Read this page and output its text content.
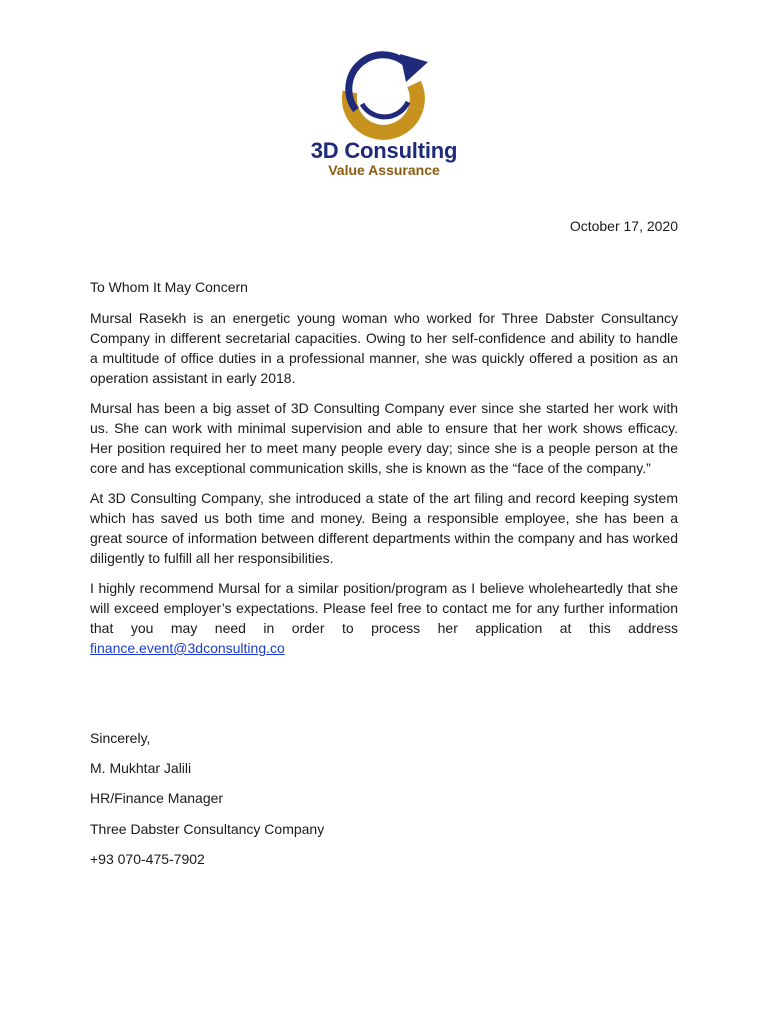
3D Consulting
Value Assurance
October 17, 2020
To Whom It May Concern

Mursal Rasekh is an energetic young woman who worked for Three Dabster Consultancy Company in different secretarial capacities. Owing to her self-confidence and ability to handle a multitude of office duties in a professional manner, she was quickly offered a position as an operation assistant in early 2018.

Mursal has been a big asset of 3D Consulting Company ever since she started her work with us. She can work with minimal supervision and able to ensure that her work shows efficacy. Her position required her to meet many people every day; since she is a people person at the core and has exceptional communication skills, she is known as the “face of the company.”

At 3D Consulting Company, she introduced a state of the art filing and record keeping system which has saved us both time and money. Being a responsible employee, she has been a great source of information between different departments within the company and has worked diligently to fulfill all her responsibilities.

I highly recommend Mursal for a similar position/program as I believe wholeheartedly that she will exceed employer’s expectations. Please feel free to contact me for any further information that you may need in order to process her application at this address finance.event@3dconsulting.co

Sincerely,
M. Mukhtar Jalili
HR/Finance Manager
Three Dabster Consultancy Company
+93 070-475-7902
